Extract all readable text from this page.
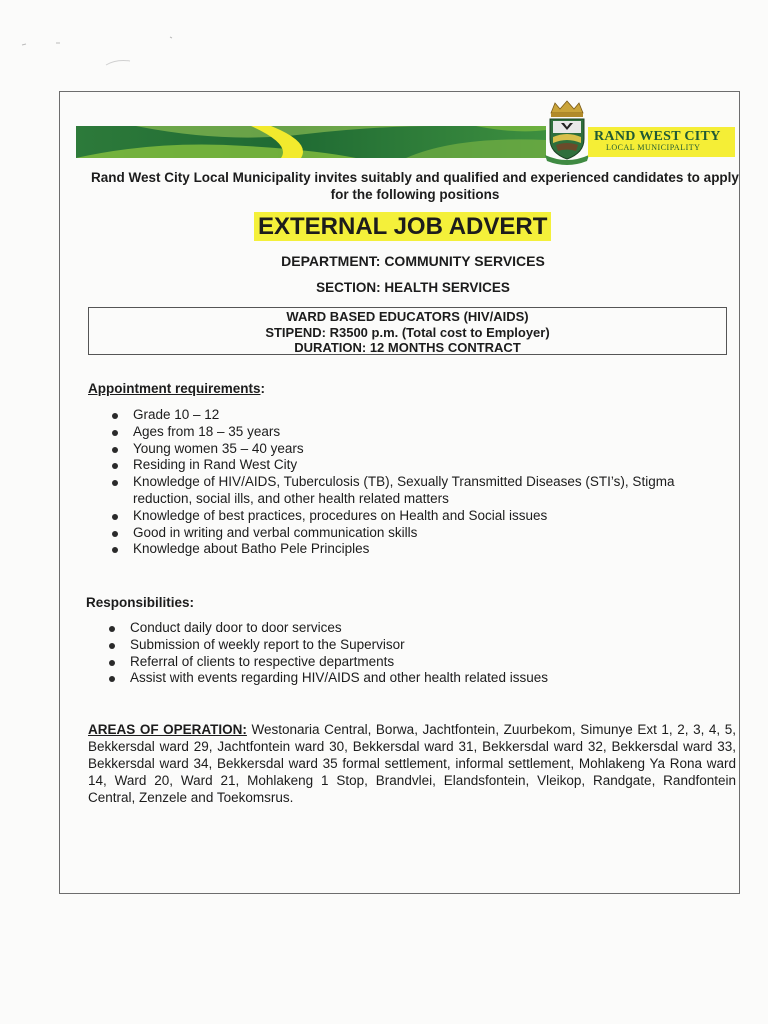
RAND WEST CITY
LOCAL MUNICIPALITY
Rand West City Local Municipality invites suitably and qualified and experienced candidates to apply for the following positions
EXTERNAL JOB ADVERT
DEPARTMENT: COMMUNITY SERVICES
SECTION: HEALTH SERVICES
WARD BASED EDUCATORS (HIV/AIDS)
STIPEND: R3500 p.m. (Total cost to Employer)
DURATION: 12 MONTHS CONTRACT
Appointment requirements:
Grade 10 – 12
Ages from 18 – 35 years
Young women 35 – 40 years
Residing in Rand West City
Knowledge of HIV/AIDS, Tuberculosis (TB), Sexually Transmitted Diseases (STI’s), Stigma reduction, social ills, and other health related matters
Knowledge of best practices, procedures on Health and Social issues
Good in writing and verbal communication skills
Knowledge about Batho Pele Principles
Responsibilities:
Conduct daily door to door services
Submission of weekly report to the Supervisor
Referral of clients to respective departments
Assist with events regarding HIV/AIDS and other health related issues
AREAS OF OPERATION: Westonaria Central, Borwa, Jachtfontein, Zuurbekom, Simunye Ext 1, 2, 3, 4, 5, Bekkersdal ward 29, Jachtfontein ward 30, Bekkersdal ward 31, Bekkersdal ward 32, Bekkersdal ward 33, Bekkersdal ward 34, Bekkersdal ward 35 formal settlement, informal settlement, Mohlakeng Ya Rona ward 14, Ward 20, Ward 21, Mohlakeng 1 Stop, Brandvlei, Elandsfontein, Vleikop, Randgate, Randfontein Central, Zenzele and Toekomsrus.
